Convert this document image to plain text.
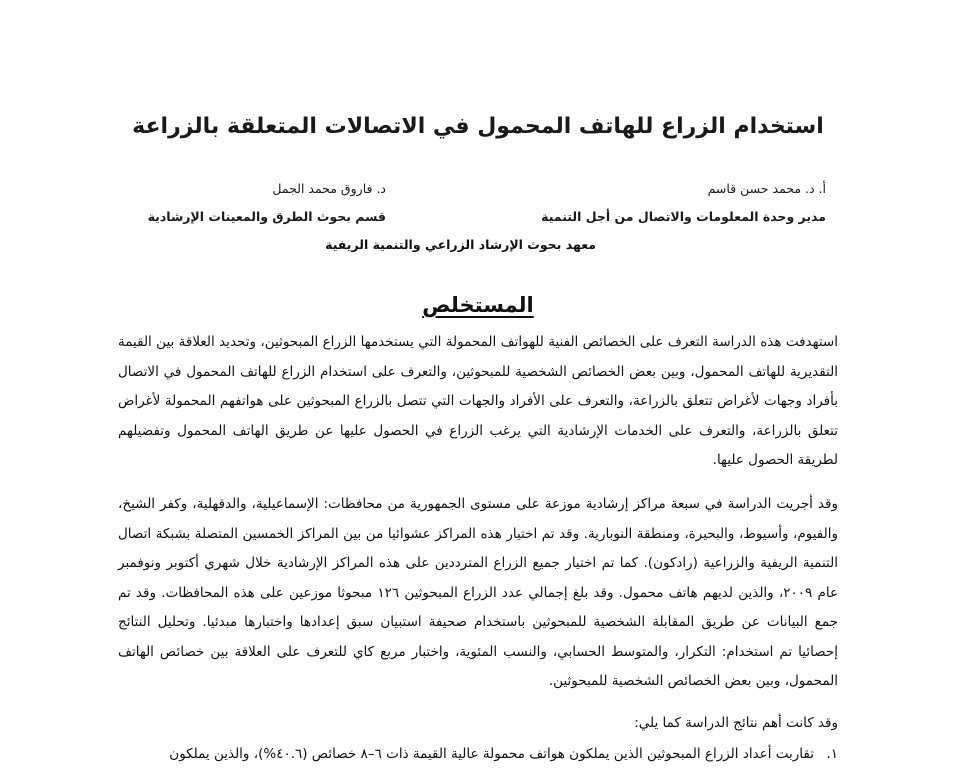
استخدام الزراع للهاتف المحمول في الاتصالات المتعلقة بالزراعة
أ. د. محمد حسن قاسم
د. فاروق محمد الجمل
مدير وحدة المعلومات والاتصال من أجل التنمية
قسم بحوث الطرق والمعينات الإرشادية
معهد بحوث الإرشاد الزراعي والتنمية الريفية
المستخلص

استهدفت هذه الدراسة التعرف على الخصائص الفنية للهواتف المحمولة التي يستخدمها الزراع المبحوثين، وتحديد العلاقة بين القيمة التقديرية للهاتف المحمول، وبين بعض الخصائص الشخصية للمبحوثين، والتعرف على استخدام الزراع للهاتف المحمول في الاتصال بأفراد وجهات لأغراض تتعلق بالزراعة، والتعرف على الأفراد والجهات التي تتصل بالزراع المبحوثين على هواتفهم المحمولة لأغراض تتعلق بالزراعة، والتعرف على الخدمات الإرشادية التي يرغب الزراع في الحصول عليها عن طريق الهاتف المحمول وتفضيلهم لطريقة الحصول عليها.

وقد أجريت الدراسة في سبعة مراكز إرشادية موزعة على مستوى الجمهورية من محافظات: الإسماعيلية، والدقهلية، وكفر الشيخ، والفيوم، وأسيوط، والبحيرة، ومنطقة النوبارية. وقد تم اختيار هذه المراكز عشوائيا من بين المراكز الخمسين المتصلة بشبكة اتصال التنمية الريفية والزراعية (رادكون). كما تم اختيار جميع الزراع المترددين على هذه المراكز الإرشادية خلال شهري أكتوبر ونوفمبر عام ٢٠٠٩، والذين لديهم هاتف محمول. وقد بلغ إجمالي عدد الزراع المبحوثين ١٢٦ مبحوثا موزعين على هذه المحافظات. وقد تم جمع البيانات عن طريق المقابلة الشخصية للمبحوثين باستخدام صحيفة استبيان سبق إعدادها واختبارها مبدئيا. وتحليل النتائج إحصائيا تم استخدام: التكرار، والمتوسط الحسابي، والنسب المئوية، واختبار مربع كاي للتعرف على العلاقة بين خصائص الهاتف المحمول، وبين بعض الخصائص الشخصية للمبحوثين.

وقد كانت أهم نتائج الدراسة كما يلي:

١.
تقاربت أعداد الزراع المبحوثين الذين يملكون هواتف محمولة عالية القيمة ذات ٦–٨ خصائص (٤٠.٦%)، والذين يملكون
